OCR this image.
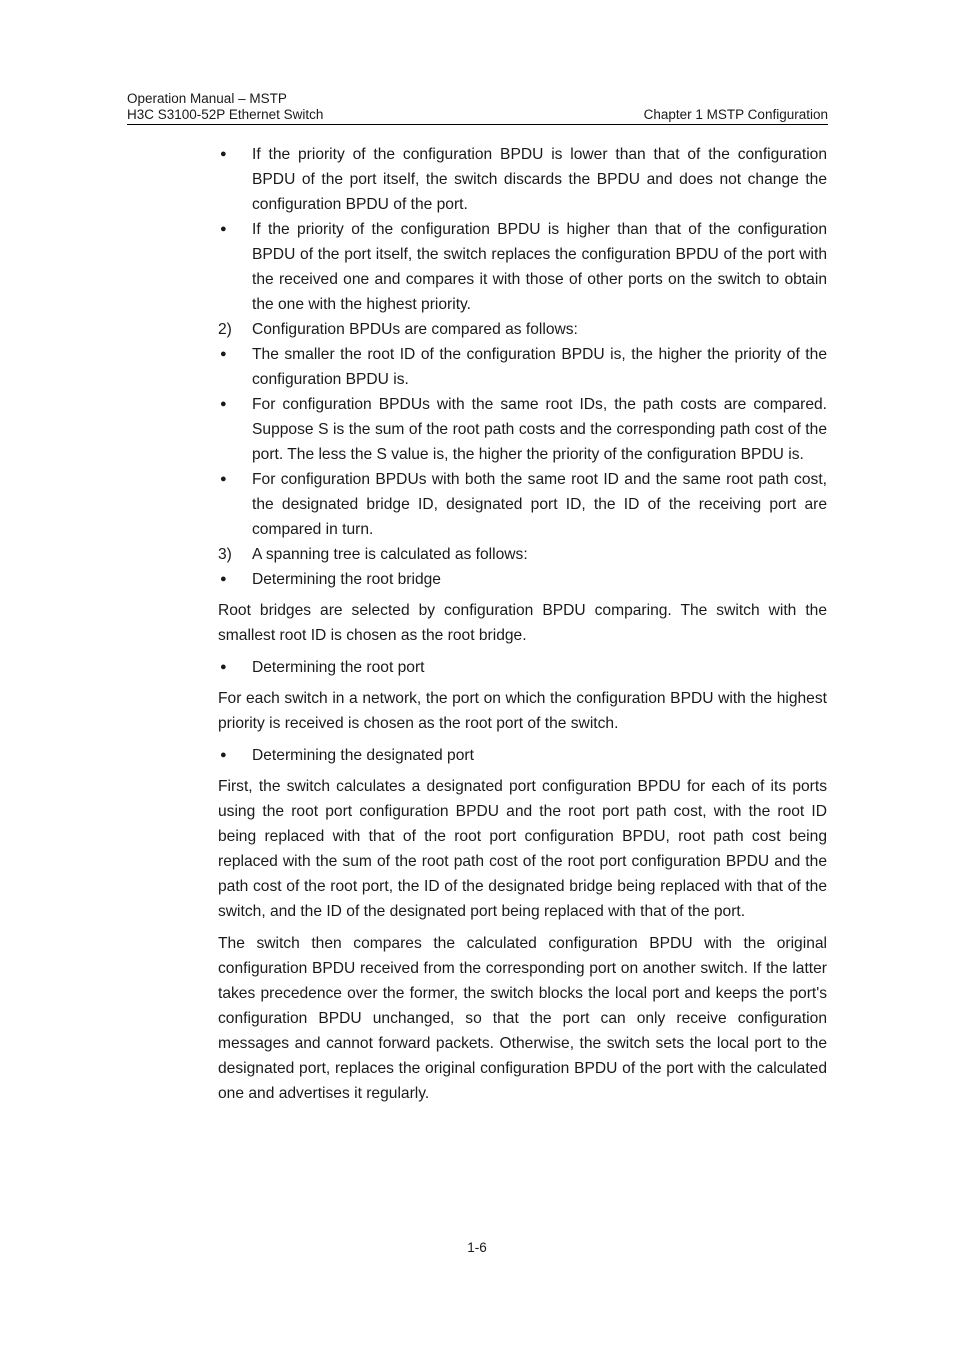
Operation Manual – MSTP
H3C S3100-52P Ethernet Switch	Chapter 1 MSTP Configuration
●	If the priority of the configuration BPDU is lower than that of the configuration BPDU of the port itself, the switch discards the BPDU and does not change the configuration BPDU of the port.
●	If the priority of the configuration BPDU is higher than that of the configuration BPDU of the port itself, the switch replaces the configuration BPDU of the port with the received one and compares it with those of other ports on the switch to obtain the one with the highest priority.
2)	Configuration BPDUs are compared as follows:
●	The smaller the root ID of the configuration BPDU is, the higher the priority of the configuration BPDU is.
●	For configuration BPDUs with the same root IDs, the path costs are compared. Suppose S is the sum of the root path costs and the corresponding path cost of the port. The less the S value is, the higher the priority of the configuration BPDU is.
●	For configuration BPDUs with both the same root ID and the same root path cost, the designated bridge ID, designated port ID, the ID of the receiving port are compared in turn.
3)	A spanning tree is calculated as follows:
●	Determining the root bridge

Root bridges are selected by configuration BPDU comparing. The switch with the smallest root ID is chosen as the root bridge.

●	Determining the root port

For each switch in a network, the port on which the configuration BPDU with the highest priority is received is chosen as the root port of the switch.

●	Determining the designated port

First, the switch calculates a designated port configuration BPDU for each of its ports using the root port configuration BPDU and the root port path cost, with the root ID being replaced with that of the root port configuration BPDU, root path cost being replaced with the sum of the root path cost of the root port configuration BPDU and the path cost of the root port, the ID of the designated bridge being replaced with that of the switch, and the ID of the designated port being replaced with that of the port.

The switch then compares the calculated configuration BPDU with the original configuration BPDU received from the corresponding port on another switch. If the latter takes precedence over the former, the switch blocks the local port and keeps the port's configuration BPDU unchanged, so that the port can only receive configuration messages and cannot forward packets. Otherwise, the switch sets the local port to the designated port, replaces the original configuration BPDU of the port with the calculated one and advertises it regularly.

1-6
